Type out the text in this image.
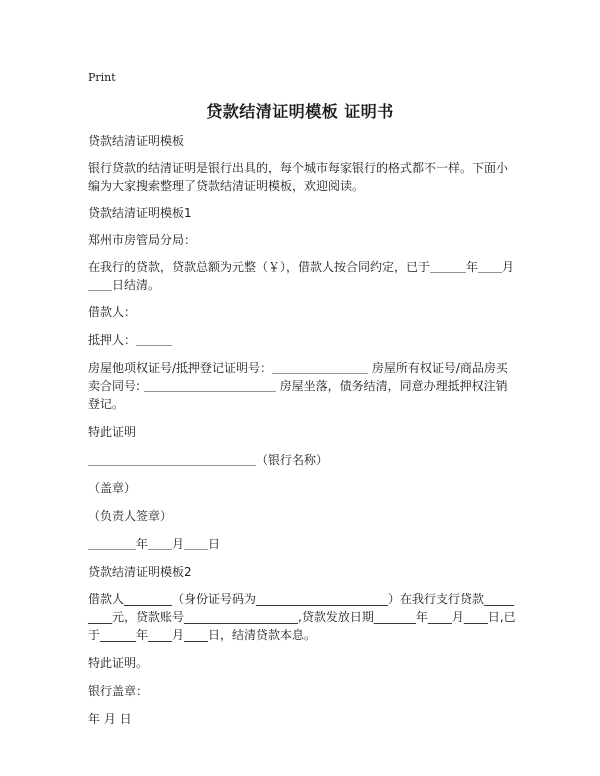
Print
贷款结清证明模板 证明书

贷款结清证明模板

银行贷款的结清证明是银行出具的，每个城市每家银行的格式都不一样。下面小编为大家搜索整理了贷款结清证明模板，欢迎阅读。

贷款结清证明模板1

郑州市房管局分局：

在我行的贷款，贷款总额为元整（￥），借款人按合同约定，已于＿＿＿年＿＿月＿＿日结清。

借款人：

抵押人：＿＿＿

房屋他项权证号/抵押登记证明号：＿＿＿＿＿＿＿＿ 房屋所有权证号/商品房买卖合同号: ＿＿＿＿＿＿＿＿＿＿＿ 房屋坐落，债务结清，同意办理抵押权注销登记。

特此证明

＿＿＿＿＿＿＿＿＿＿＿＿＿＿（银行名称）

（盖章）

（负责人签章）

＿＿＿＿年＿＿月＿＿日

贷款结清证明模板2

借款人________（身份证号码为______________________）在我行支行贷款_________元，贷款账号___________________,贷款发放日期_______年____月____日,已于______年____月____日，结清贷款本息。

特此证明。

银行盖章：

年 月 日
